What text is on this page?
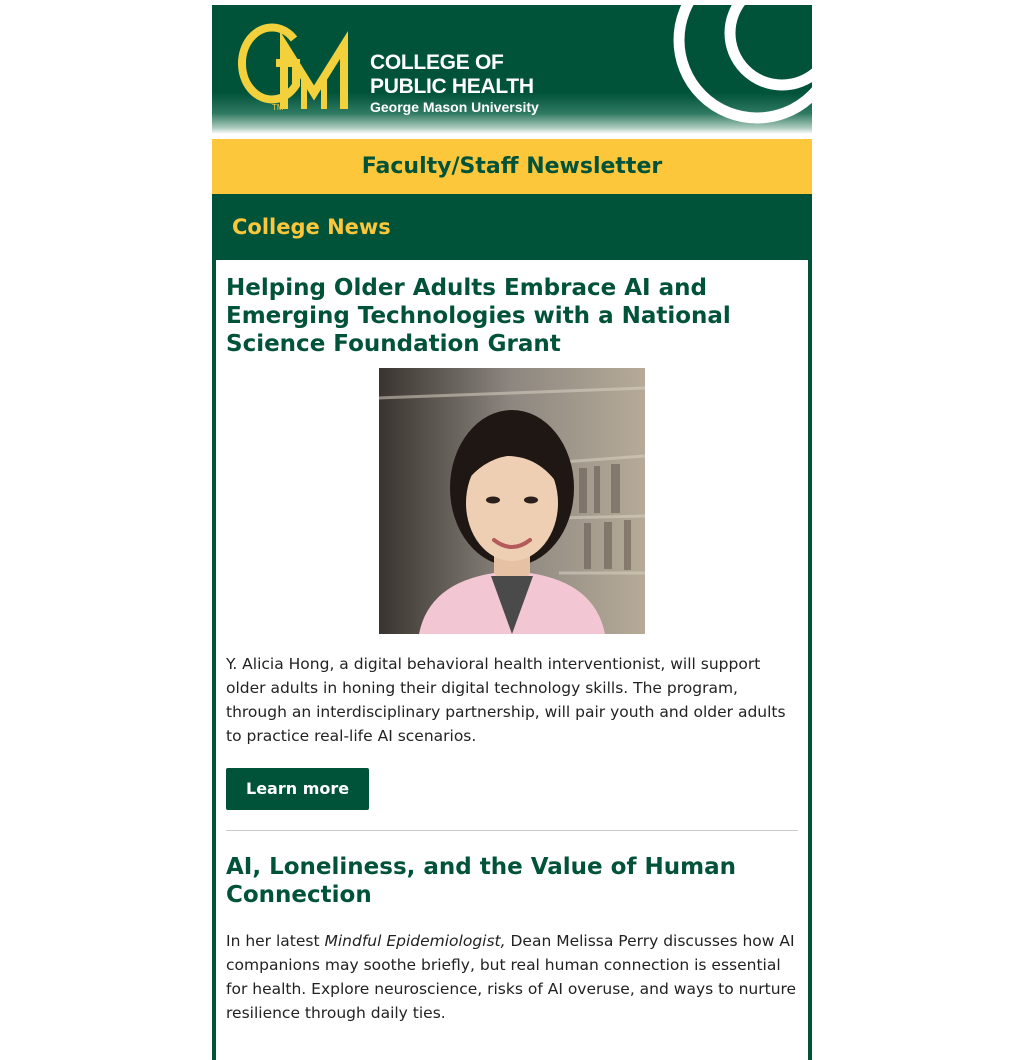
TM
COLLEGE OF
PUBLIC HEALTH
George Mason University
Faculty/Staff Newsletter
College News
Helping Older Adults Embrace AI and Emerging Technologies with a National Science Foundation Grant

Y. Alicia Hong, a digital behavioral health interventionist, will support older adults in honing their digital technology skills. The program, through an interdisciplinary partnership, will pair youth and older adults to practice real-life AI scenarios.

Learn more
AI, Loneliness, and the Value of Human Connection

In her latest Mindful Epidemiologist, Dean Melissa Perry discusses how AI companions may soothe briefly, but real human connection is essential for health. Explore neuroscience, risks of AI overuse, and ways to nurture resilience through daily ties.
